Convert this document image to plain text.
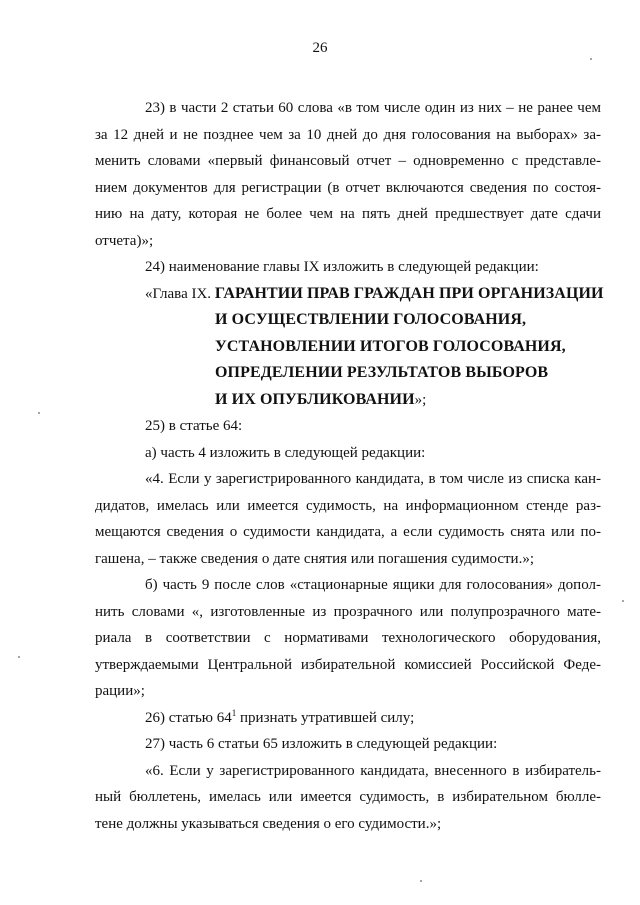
26
23) в части 2 статьи 60 слова «в том числе один из них – не ранее чем
за 12 дней и не позднее чем за 10 дней до дня голосования на выборах» за-
менить словами «первый финансовый отчет – одновременно с представле-
нием документов для регистрации (в отчет включаются сведения по состоя-
нию на дату, которая не более чем на пять дней предшествует дате сдачи
отчета)»;
24) наименование главы IX изложить в следующей редакции:
«Глава IX. ГАРАНТИИ ПРАВ ГРАЖДАН ПРИ ОРГАНИЗАЦИИ
И ОСУЩЕСТВЛЕНИИ ГОЛОСОВАНИЯ,
УСТАНОВЛЕНИИ ИТОГОВ ГОЛОСОВАНИЯ,
ОПРЕДЕЛЕНИИ РЕЗУЛЬТАТОВ ВЫБОРОВ
И ИХ ОПУБЛИКОВАНИИ»;
25) в статье 64:
а) часть 4 изложить в следующей редакции:
«4. Если у зарегистрированного кандидата, в том числе из списка кан-
дидатов, имелась или имеется судимость, на информационном стенде раз-
мещаются сведения о судимости кандидата, а если судимость снята или по-
гашена, – также сведения о дате снятия или погашения судимости.»;
б) часть 9 после слов «стационарные ящики для голосования» допол-
нить словами «, изготовленные из прозрачного или полупрозрачного мате-
риала в соответствии с нормативами технологического оборудования,
утверждаемыми Центральной избирательной комиссией Российской Феде-
рации»;
26) статью 64$^1$ признать утратившей силу;
27) часть 6 статьи 65 изложить в следующей редакции:
«6. Если у зарегистрированного кандидата, внесенного в избиратель-
ный бюллетень, имелась или имеется судимость, в избирательном бюлле-
тене должны указываться сведения о его судимости.»;
